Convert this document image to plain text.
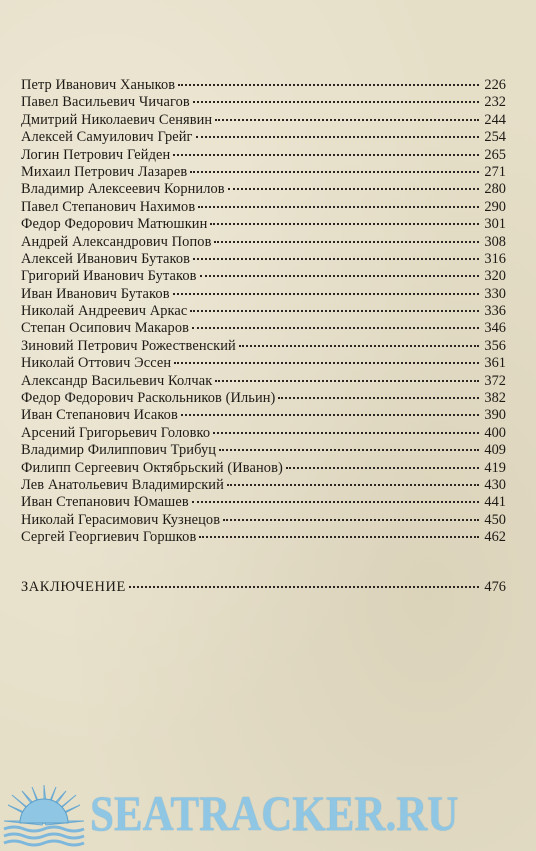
Петр Иванович Ханыков	226
Павел Васильевич Чичагов	232
Дмитрий Николаевич Сенявин	244
Алексей Самуилович Грейг	254
Логин Петрович Гейден	265
Михаил Петрович Лазарев	271
Владимир Алексеевич Корнилов	280
Павел Степанович Нахимов	290
Федор Федорович Матюшкин	301
Андрей Александрович Попов	308
Алексей Иванович Бутаков	316
Григорий Иванович Бутаков	320
Иван Иванович Бутаков	330
Николай Андреевич Аркас	336
Степан Осипович Макаров	346
Зиновий Петрович Рожественский	356
Николай Оттович Эссен	361
Александр Васильевич Колчак	372
Федор Федорович Раскольников (Ильин)	382
Иван Степанович Исаков	390
Арсений Григорьевич Головко	400
Владимир Филиппович Трибуц	409
Филипп Сергеевич Октябрьский (Иванов)	419
Лев Анатольевич Владимирский	430
Иван Степанович Юмашев	441
Николай Герасимович Кузнецов	450
Сергей Георгиевич Горшков	462
ЗАКЛЮЧЕНИЕ	476
SEATRACKER.RU
